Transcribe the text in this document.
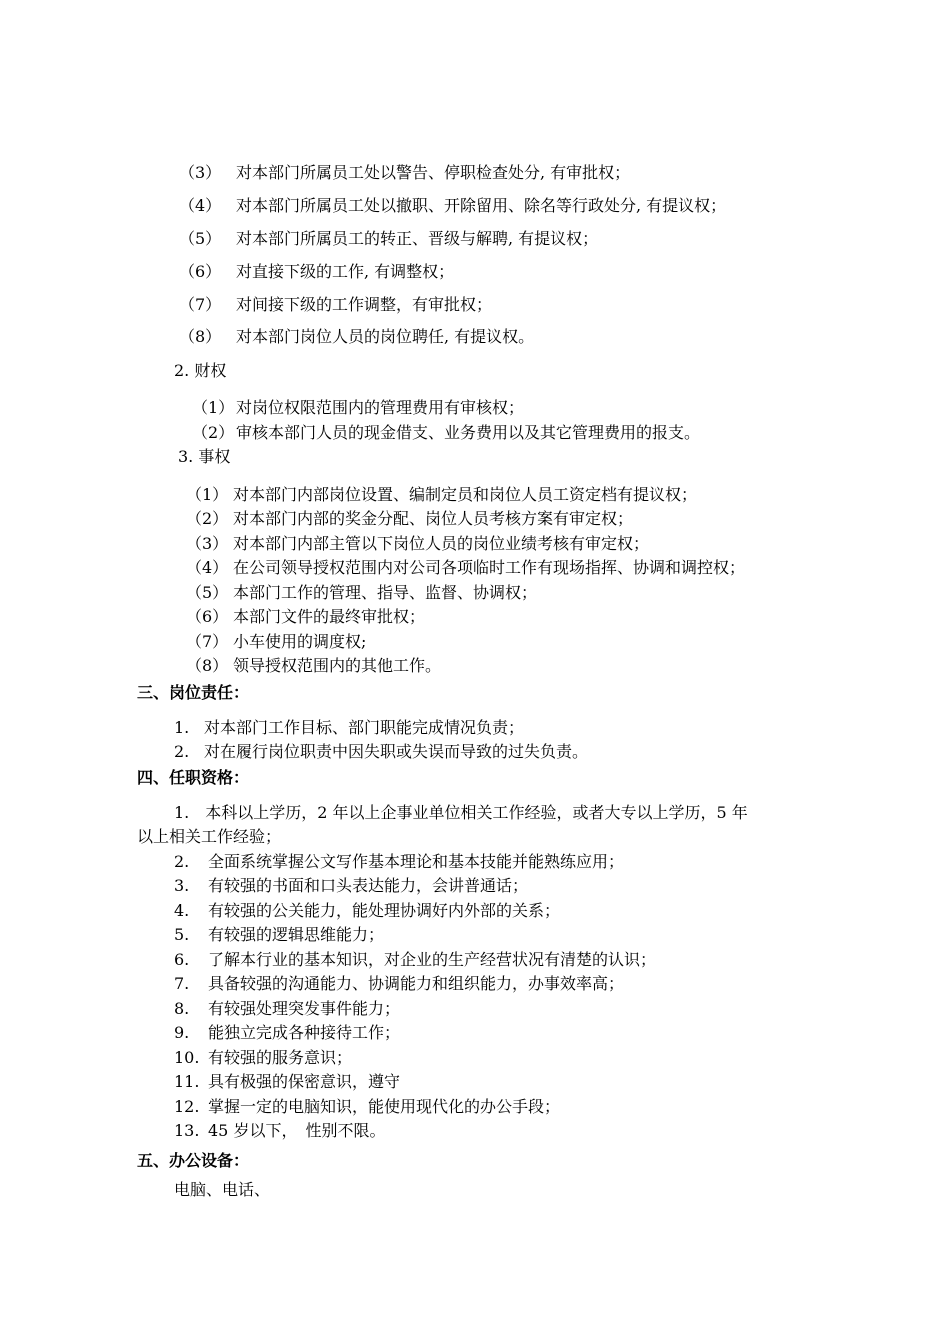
（3） 对本部门所属员工处以警告、停职检查处分, 有审批权；
（4） 对本部门所属员工处以撤职、开除留用、除名等行政处分, 有提议权；
（5） 对本部门所属员工的转正、晋级与解聘, 有提议权；
（6） 对直接下级的工作, 有调整权；
（7） 对间接下级的工作调整，有审批权；
（8） 对本部门岗位人员的岗位聘任, 有提议权。
2. 财权
（1） 对岗位权限范围内的管理费用有审核权；
（2） 审核本部门人员的现金借支、业务费用以及其它管理费用的报支。
3. 事权
（1） 对本部门内部岗位设置、编制定员和岗位人员工资定档有提议权；
（2） 对本部门内部的奖金分配、岗位人员考核方案有审定权；
（3） 对本部门内部主管以下岗位人员的岗位业绩考核有审定权；
（4） 在公司领导授权范围内对公司各项临时工作有现场指挥、协调和调控权；
（5） 本部门工作的管理、指导、监督、协调权；
（6） 本部门文件的最终审批权；
（7） 小车使用的调度权;
（8） 领导授权范围内的其他工作。
三、岗位责任：
1. 对本部门工作目标、部门职能完成情况负责；
2. 对在履行岗位职责中因失职或失误而导致的过失负责。
四、任职资格：
1.　本科以上学历，2 年以上企事业单位相关工作经验，或者大专以上学历，5 年
以上相关工作经验；
2. 全面系统掌握公文写作基本理论和基本技能并能熟练应用；
3. 有较强的书面和口头表达能力，会讲普通话；
4. 有较强的公关能力，能处理协调好内外部的关系；
5. 有较强的逻辑思维能力；
6. 了解本行业的基本知识，对企业的生产经营状况有清楚的认识；
7. 具备较强的沟通能力、协调能力和组织能力，办事效率高；
8. 有较强处理突发事件能力；
9. 能独立完成各种接待工作；
10. 有较强的服务意识；
11. 具有极强的保密意识，遵守
12. 掌握一定的电脑知识，能使用现代化的办公手段；
13. 45 岁以下，　性别不限。
五、办公设备：
电脑、电话、
